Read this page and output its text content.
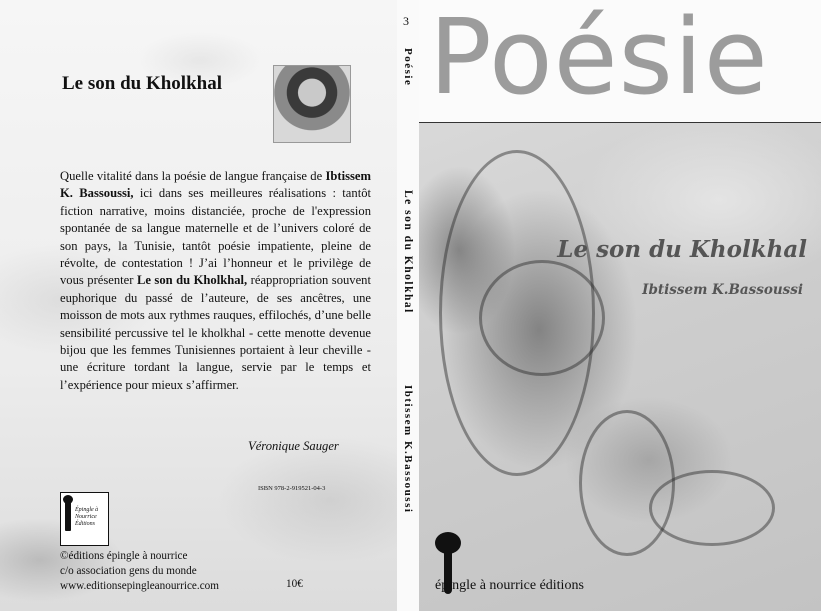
Le son du Kholkhal
Quelle vitalité dans la poésie de langue française de Ibtissem K. Bassoussi, ici dans ses meilleures réalisations : tantôt fiction narrative, moins distanciée, proche de l'expression spontanée de sa langue maternelle et de l’univers coloré de son pays, la Tunisie, tantôt poésie impatiente, pleine de révolte, de contestation ! J’ai l’honneur et le privilège de vous présenter Le son du Kholkhal, réappropriation souvent euphorique du passé de l’auteure, de ses ancêtres, une moisson de mots aux rythmes rauques, effilochés, d’une belle sensibilité percussive tel le kholkhal - cette menotte devenue bijou que les femmes Tunisiennes portaient à leur cheville - une écriture tordant la langue, servie par le temps et l’expérience pour mieux s’affirmer.
Véronique Sauger
ISBN 978-2-919521-04-3
Épingle à Nourrice Éditions
©éditions épingle à nourrice
c/o association gens du monde
www.editionsepingleanourrice.com	10€
3
Poésie
Le son du Kholkhal
Ibtissem K.Bassoussi
Poésie
Le son du Kholkhal
Ibtissem K.Bassoussi
épingle à nourrice éditions
